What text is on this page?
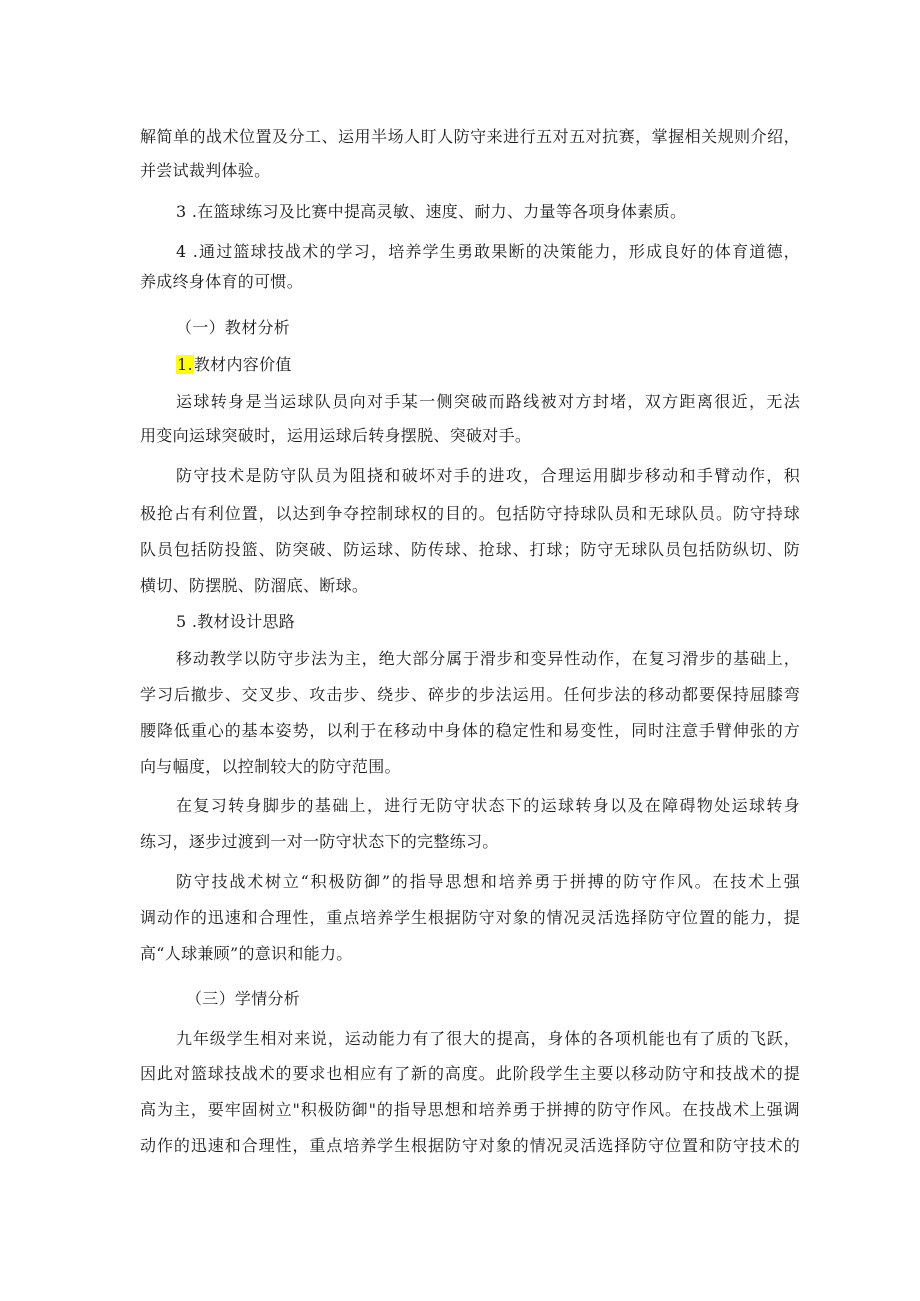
解简单的战术位置及分工、运用半场人盯人防守来进行五对五对抗赛，掌握相关规则介绍，
并尝试裁判体验。
3 .在篮球练习及比赛中提高灵敏、速度、耐力、力量等各项身体素质。
4 .通过篮球技战术的学习，培养学生勇敢果断的决策能力，形成良好的体育道德，
养成终身体育的可惯。
（一）教材分析
1.教材内容价值
运球转身是当运球队员向对手某一侧突破而路线被对方封堵，双方距离很近，无法
用变向运球突破时，运用运球后转身摆脱、突破对手。
防守技术是防守队员为阻挠和破坏对手的进攻，合理运用脚步移动和手臂动作，积
极抢占有利位置，以达到争夺控制球权的目的。包括防守持球队员和无球队员。防守持球
队员包括防投篮、防突破、防运球、防传球、抢球、打球；防守无球队员包括防纵切、防
横切、防摆脱、防溜底、断球。
5 .教材设计思路
移动教学以防守步法为主，绝大部分属于滑步和变异性动作，在复习滑步的基础上，
学习后撤步、交叉步、攻击步、绕步、碎步的步法运用。任何步法的移动都要保持屈膝弯
腰降低重心的基本姿势，以利于在移动中身体的稳定性和易变性，同时注意手臂伸张的方
向与幅度，以控制较大的防守范围。
在复习转身脚步的基础上，进行无防守状态下的运球转身以及在障碍物处运球转身
练习，逐步过渡到一对一防守状态下的完整练习。
防守技战术树立“积极防御”的指导思想和培养勇于拼搏的防守作风。在技术上强
调动作的迅速和合理性，重点培养学生根据防守对象的情况灵活选择防守位置的能力，提
高“人球兼顾”的意识和能力。
（三）学情分析
九年级学生相对来说，运动能力有了很大的提高，身体的各项机能也有了质的飞跃，
因此对篮球技战术的要求也相应有了新的高度。此阶段学生主要以移动防守和技战术的提
高为主，要牢固树立"积极防御"的指导思想和培养勇于拼搏的防守作风。在技战术上强调
动作的迅速和合理性，重点培养学生根据防守对象的情况灵活选择防守位置和防守技术的
